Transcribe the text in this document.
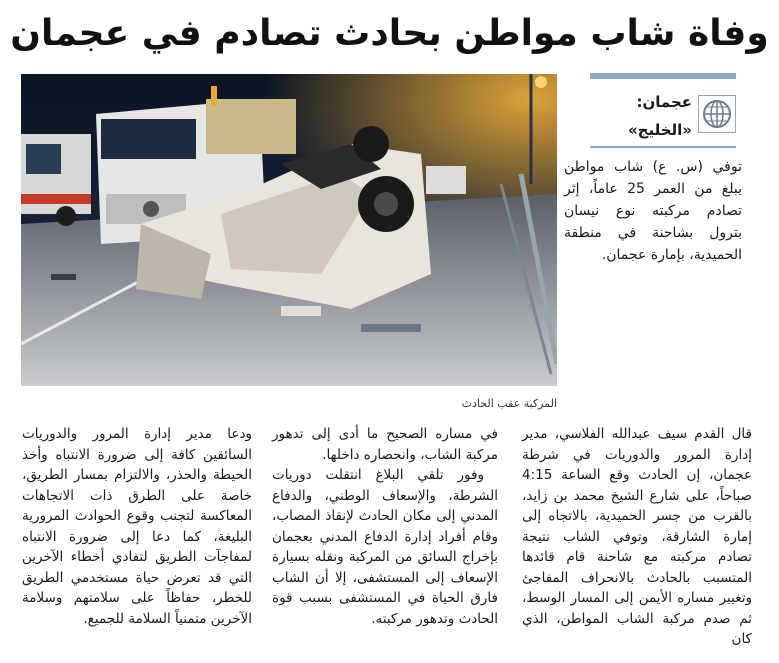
وفاة شاب مواطن بحادث تصادم في عجمان
المركبة عقب الحادث
عجمان:
«الخليج»

توفي (س. ع) شاب مواطن يبلغ من العمر 25 عاماً، إثر تصادم مركبته نوع نيسان بترول بشاحنة في منطقة الحميدية، بإمارة عجمان.

قال القدم سيف عبدالله الفلاسي، مدير إدارة المرور والدوريات في شرطة عجمان، إن الحادث وقع الساعة 4:15 صباحاً، على شارع الشيخ محمد بن زايد، بالقرب من جسر الحميدية، بالاتجاه إلى إمارة الشارقة، وتوفي الشاب نتيجة تصادم مركبته مع شاحنة قام قائدها المتسبب بالحادث بالانحراف المفاجئ وتغيير مساره الأيمن إلى المسار الوسط، ثم صدم مركبة الشاب المواطن، الذي كان

في مساره الصحيح ما أدى إلى تدهور مركبة الشاب، وانحصاره داخلها.

وفور تلقي البلاغ انتقلت دوريات الشرطة، والإسعاف الوطني، والدفاع المدني إلى مكان الحادث لإنقاذ المصاب، وقام أفراد إدارة الدفاع المدني بعجمان بإخراج السائق من المركبة ونقله بسيارة الإسعاف إلى المستشفى، إلا أن الشاب فارق الحياة في المستشفى بسبب قوة الحادث وتدهور مركبته.

ودعا مدير إدارة المرور والدوريات السائقين كافة إلى ضرورة الانتباه وأخذ الحيطة والحذر، والالتزام بمسار الطريق، خاصة على الطرق ذات الاتجاهات المعاكسة لتجنب وقوع الحوادث المرورية البليغة، كما دعا إلى ضرورة الانتباه لمفاجآت الطريق لتفادي أخطاء الآخرين التي قد تعرض حياة مستخدمي الطريق للخطر، حفاظاً على سلامتهم وسلامة الآخرين متمنياً السلامة للجميع.
